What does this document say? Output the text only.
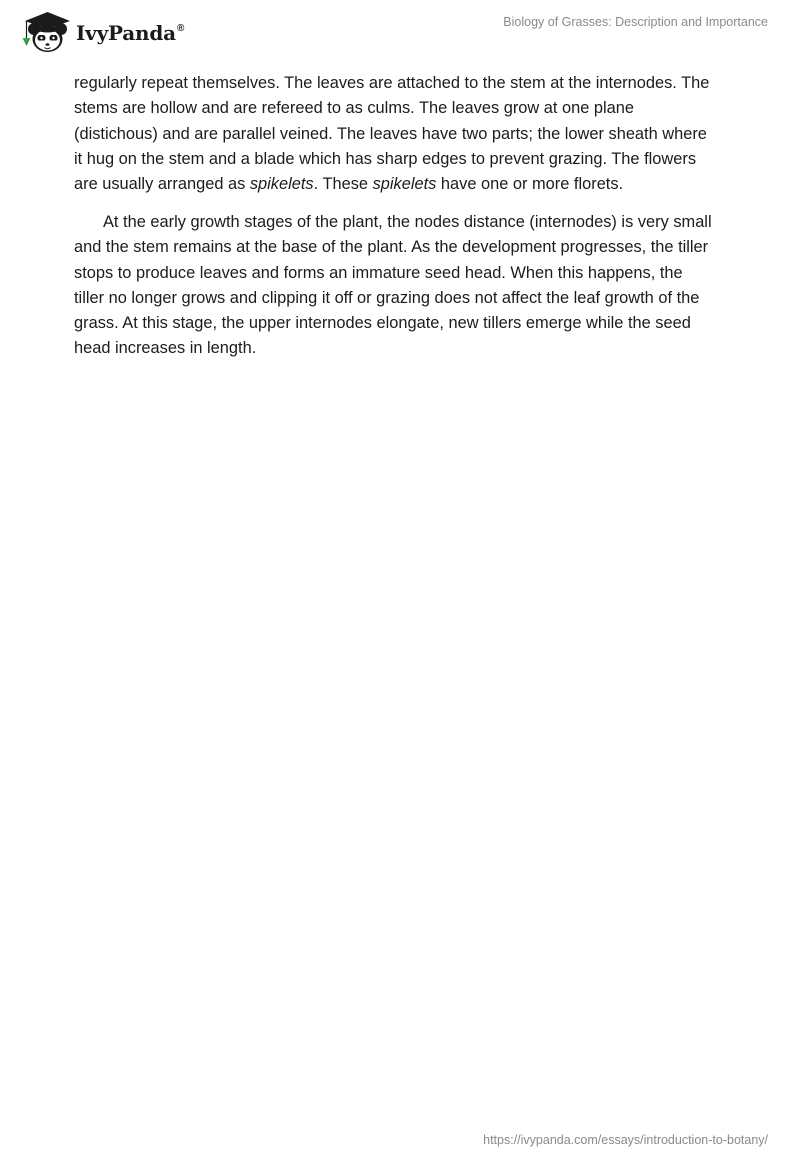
IvyPanda®	Biology of Grasses: Description and Importance

regularly repeat themselves. The leaves are attached to the stem at the internodes. The
stems are hollow and are refereed to as culms. The leaves grow at one plane
(distichous) and are parallel veined. The leaves have two parts; the lower sheath where
it hug on the stem and a blade which has sharp edges to prevent grazing. The flowers
are usually arranged as spikelets. These spikelets have one or more florets.

At the early growth stages of the plant, the nodes distance (internodes) is very small
and the stem remains at the base of the plant. As the development progresses, the tiller
stops to produce leaves and forms an immature seed head. When this happens, the
tiller no longer grows and clipping it off or grazing does not affect the leaf growth of the
grass. At this stage, the upper internodes elongate, new tillers emerge while the seed
head increases in length.

https://ivypanda.com/essays/introduction-to-botany/
